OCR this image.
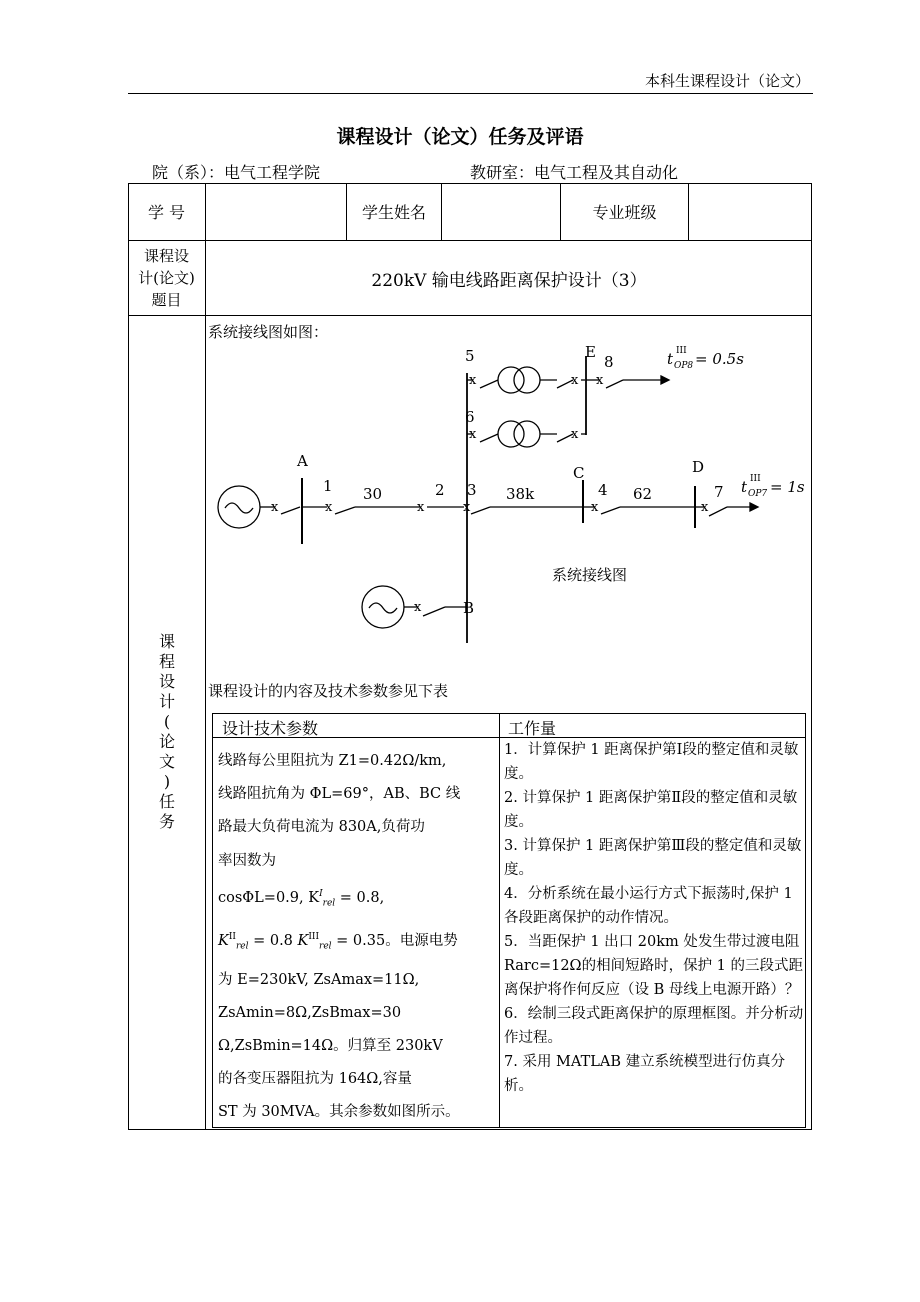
本科生课程设计（论文）
课程设计（论文）任务及评语
院（系）：电气工程学院	教研室：电气工程及其自动化
学 号	学生姓名	专业班级
课程设
计(论文)
题目
220kV 输电线路距离保护设计（3）
课
程
设
计
(
论
文
)
任
务
系统接线图如图：
x
A
1
x
30
x
2
x
3 38k
C
x
4 62
D
x
7 t III
OP7 = 1s
x	B
5
x	x
E
8
x
t III
OP8 = 0.5s
6
x	x
系统接线图
课程设计的内容及技术参数参见下表
设计技术参数	工作量

线路每公里阻抗为 Z1=0.42Ω/km,

线路阻抗角为 ΦL=69°，AB、BC 线

路最大负荷电流为 830A,负荷功

率因数为

cosΦL=0.9, $K^I_{rel} = 0.8$,

$K^{II}_{rel} = 0.8$ $K^{III}_{rel} = 0.35$。电源电势

为 E=230kV, ZsAmax=11Ω,

ZsAmin=8Ω,ZsBmax=30

Ω,ZsBmin=14Ω。归算至 230kV

的各变压器阻抗为 164Ω,容量

ST 为 30MVA。其余参数如图所示。

1．计算保护 1 距离保护第Ⅰ段的整定值和灵敏度。

2. 计算保护 1 距离保护第Ⅱ段的整定值和灵敏度。

3. 计算保护 1 距离保护第Ⅲ段的整定值和灵敏度。

4．分析系统在最小运行方式下振荡时,保护 1 各段距离保护的动作情况。

5．当距保护 1 出口 20km 处发生带过渡电阻 Rarc=12Ω的相间短路时，保护 1 的三段式距离保护将作何反应（设 B 母线上电源开路）？

6．绘制三段式距离保护的原理框图。并分析动作过程。

7. 采用 MATLAB 建立系统模型进行仿真分析。
